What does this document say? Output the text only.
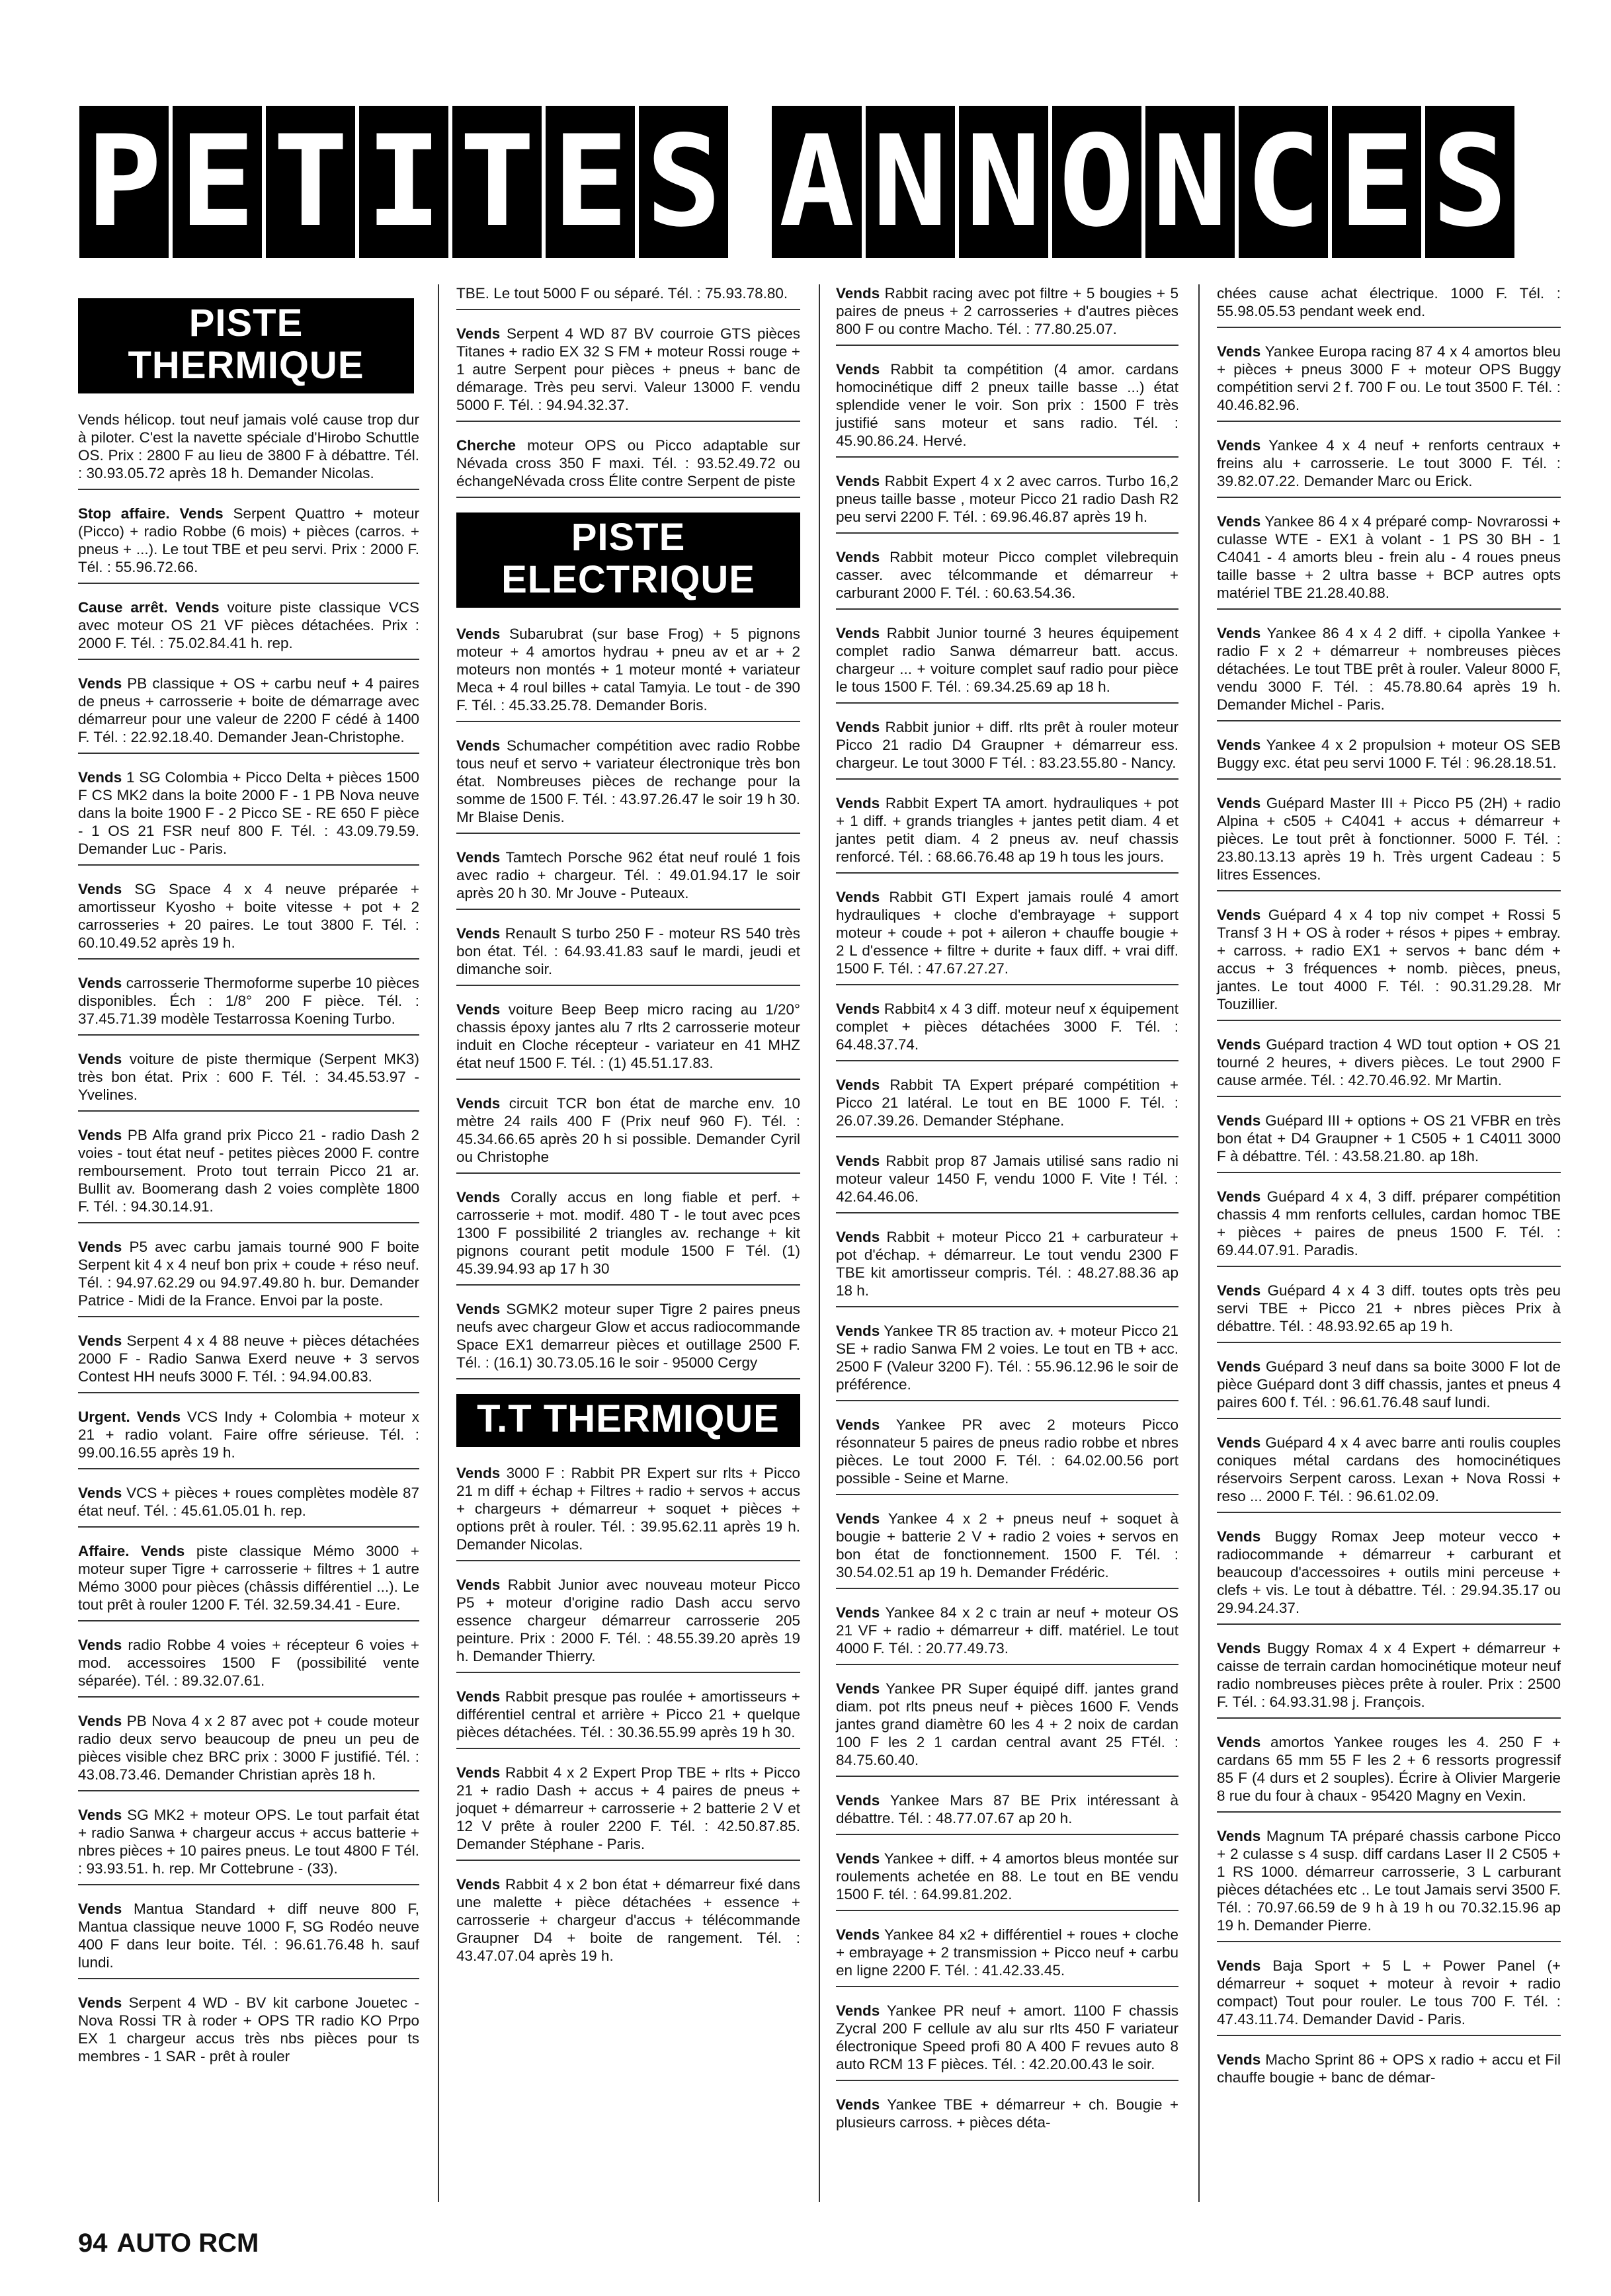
P E T I T E S A N N O N C E S
PISTE THERMIQUE
Vends hélicop. tout neuf jamais volé cause trop dur à piloter. C'est la navette spéciale d'Hirobo Schuttle OS. Prix : 2800 F au lieu de 3800 F à débattre. Tél. : 30.93.05.72 après 18 h. Demander Nicolas.
Stop affaire. Vends Serpent Quattro + moteur (Picco) + radio Robbe (6 mois) + pièces (carros. + pneus + ...). Le tout TBE et peu servi. Prix : 2000 F. Tél. : 55.96.72.66.
Cause arrêt. Vends voiture piste classique VCS avec moteur OS 21 VF pièces détachées. Prix : 2000 F. Tél. : 75.02.84.41 h. rep.
Vends PB classique + OS + carbu neuf + 4 paires de pneus + carrosserie + boite de démarrage avec démarreur pour une valeur de 2200 F cédé à 1400 F. Tél. : 22.92.18.40. Demander Jean-Christophe.
Vends 1 SG Colombia + Picco Delta + pièces 1500 F CS MK2 dans la boite 2000 F - 1 PB Nova neuve dans la boite 1900 F - 2 Picco SE - RE 650 F pièce - 1 OS 21 FSR neuf 800 F. Tél. : 43.09.79.59. Demander Luc - Paris.
Vends SG Space 4 x 4 neuve préparée + amortisseur Kyosho + boite vitesse + pot + 2 carrosseries + 20 paires. Le tout 3800 F. Tél. : 60.10.49.52 après 19 h.
Vends carrosserie Thermoforme superbe 10 pièces disponibles. Éch : 1/8° 200 F pièce. Tél. : 37.45.71.39 modèle Testarrossa Koening Turbo.
Vends voiture de piste thermique (Serpent MK3) très bon état. Prix : 600 F. Tél. : 34.45.53.97 - Yvelines.
Vends PB Alfa grand prix Picco 21 - radio Dash 2 voies - tout état neuf - petites pièces 2000 F. contre remboursement. Proto tout terrain Picco 21 ar. Bullit av. Boomerang dash 2 voies complète 1800 F. Tél. : 94.30.14.91.
Vends P5 avec carbu jamais tourné 900 F boite Serpent kit 4 x 4 neuf bon prix + coude + réso neuf. Tél. : 94.97.62.29 ou 94.97.49.80 h. bur. Demander Patrice - Midi de la France. Envoi par la poste.
Vends Serpent 4 x 4 88 neuve + pièces détachées 2000 F - Radio Sanwa Exerd neuve + 3 servos Contest HH neufs 3000 F. Tél. : 94.94.00.83.
Urgent. Vends VCS Indy + Colombia + moteur x 21 + radio volant. Faire offre sérieuse. Tél. : 99.00.16.55 après 19 h.
Vends VCS + pièces + roues complètes modèle 87 état neuf. Tél. : 45.61.05.01 h. rep.
Affaire. Vends piste classique Mémo 3000 + moteur super Tigre + carrosserie + filtres + 1 autre Mémo 3000 pour pièces (châssis différentiel ...). Le tout prêt à rouler 1200 F. Tél. 32.59.34.41 - Eure.
Vends radio Robbe 4 voies + récepteur 6 voies + mod. accessoires 1500 F (possibilité vente séparée). Tél. : 89.32.07.61.
Vends PB Nova 4 x 2 87 avec pot + coude moteur radio deux servo beaucoup de pneu un peu de pièces visible chez BRC prix : 3000 F justifié. Tél. : 43.08.73.46. Demander Christian après 18 h.
Vends SG MK2 + moteur OPS. Le tout parfait état + radio Sanwa + chargeur accus + accus batterie + nbres pièces + 10 paires pneus. Le tout 4800 F Tél. : 93.93.51. h. rep. Mr Cottebrune - (33).
Vends Mantua Standard + diff neuve 800 F, Mantua classique neuve 1000 F, SG Rodéo neuve 400 F dans leur boite. Tél. : 96.61.76.48 h. sauf lundi.
Vends Serpent 4 WD - BV kit carbone Jouetec - Nova Rossi TR à roder + OPS TR radio KO Prpo EX 1 chargeur accus très nbs pièces pour ts membres - 1 SAR - prêt à rouler
TBE. Le tout 5000 F ou séparé. Tél. : 75.93.78.80.
Vends Serpent 4 WD 87 BV courroie GTS pièces Titanes + radio EX 32 S FM + moteur Rossi rouge + 1 autre Serpent pour pièces + pneus + banc de démarage. Très peu servi. Valeur 13000 F. vendu 5000 F. Tél. : 94.94.32.37.
Cherche moteur OPS ou Picco adaptable sur Névada cross 350 F maxi. Tél. : 93.52.49.72 ou échangeNévada cross Élite contre Serpent de piste
PISTE ELECTRIQUE
Vends Subarubrat (sur base Frog) + 5 pignons moteur + 4 amortos hydrau + pneu av et ar + 2 moteurs non montés + 1 moteur monté + variateur Meca + 4 roul billes + catal Tamyia. Le tout - de 390 F. Tél. : 45.33.25.78. Demander Boris.
Vends Schumacher compétition avec radio Robbe tous neuf et servo + variateur électronique très bon état. Nombreuses pièces de rechange pour la somme de 1500 F. Tél. : 43.97.26.47 le soir 19 h 30. Mr Blaise Denis.
Vends Tamtech Porsche 962 état neuf roulé 1 fois avec radio + chargeur. Tél. : 49.01.94.17 le soir après 20 h 30. Mr Jouve - Puteaux.
Vends Renault S turbo 250 F - moteur RS 540 très bon état. Tél. : 64.93.41.83 sauf le mardi, jeudi et dimanche soir.
Vends voiture Beep Beep micro racing au 1/20° chassis époxy jantes alu 7 rlts 2 carrosserie moteur induit en Cloche récepteur - variateur en 41 MHZ état neuf 1500 F. Tél. : (1) 45.51.17.83.
Vends circuit TCR bon état de marche env. 10 mètre 24 rails 400 F (Prix neuf 960 F). Tél. : 45.34.66.65 après 20 h si possible. Demander Cyril ou Christophe
Vends Corally accus en long fiable et perf. + carrosserie + mot. modif. 480 T - le tout avec pces 1300 F possibilité 2 triangles av. rechange + kit pignons courant petit module 1500 F Tél. (1) 45.39.94.93 ap 17 h 30
Vends SGMK2 moteur super Tigre 2 paires pneus neufs avec chargeur Glow et accus radiocommande Space EX1 demarreur pièces et outillage 2500 F. Tél. : (16.1) 30.73.05.16 le soir - 95000 Cergy
T.T THERMIQUE
Vends 3000 F : Rabbit PR Expert sur rlts + Picco 21 m diff + échap + Filtres + radio + servos + accus + chargeurs + démarreur + soquet + pièces + options prêt à rouler. Tél. : 39.95.62.11 après 19 h. Demander Nicolas.
Vends Rabbit Junior avec nouveau moteur Picco P5 + moteur d'origine radio Dash accu servo essence chargeur démarreur carrosserie 205 peinture. Prix : 2000 F. Tél. : 48.55.39.20 après 19 h. Demander Thierry.
Vends Rabbit presque pas roulée + amortisseurs + différentiel central et arrière + Picco 21 + quelque pièces détachées. Tél. : 30.36.55.99 après 19 h 30.
Vends Rabbit 4 x 2 Expert Prop TBE + rlts + Picco 21 + radio Dash + accus + 4 paires de pneus + joquet + démarreur + carrosserie + 2 batterie 2 V et 12 V prête à rouler 2200 F. Tél. : 42.50.87.85. Demander Stéphane - Paris.
Vends Rabbit 4 x 2 bon état + démarreur fixé dans une malette + pièce détachées + essence + carrosserie + chargeur d'accus + télécommande Graupner D4 + boite de rangement. Tél. : 43.47.07.04 après 19 h.
Vends Rabbit racing avec pot filtre + 5 bougies + 5 paires de pneus + 2 carrosseries + d'autres pièces 800 F ou contre Macho. Tél. : 77.80.25.07.
Vends Rabbit ta compétition (4 amor. cardans homocinétique diff 2 pneux taille basse ...) état splendide vener le voir. Son prix : 1500 F très justifié sans moteur et sans radio. Tél. : 45.90.86.24. Hervé.
Vends Rabbit Expert 4 x 2 avec carros. Turbo 16,2 pneus taille basse , moteur Picco 21 radio Dash R2 peu servi 2200 F. Tél. : 69.96.46.87 après 19 h.
Vends Rabbit moteur Picco complet vilebrequin casser. avec télcommande et démarreur + carburant 2000 F. Tél. : 60.63.54.36.
Vends Rabbit Junior tourné 3 heures équipement complet radio Sanwa démarreur batt. accus. chargeur ... + voiture complet sauf radio pour pièce le tous 1500 F. Tél. : 69.34.25.69 ap 18 h.
Vends Rabbit junior + diff. rlts prêt à rouler moteur Picco 21 radio D4 Graupner + démarreur ess. chargeur. Le tout 3000 F Tél. : 83.23.55.80 - Nancy.
Vends Rabbit Expert TA amort. hydrauliques + pot + 1 diff. + grands triangles + jantes petit diam. 4 et jantes petit diam. 4 2 pneus av. neuf chassis renforcé. Tél. : 68.66.76.48 ap 19 h tous les jours.
Vends Rabbit GTI Expert jamais roulé 4 amort hydrauliques + cloche d'embrayage + support moteur + coude + pot + aileron + chauffe bougie + 2 L d'essence + filtre + durite + faux diff. + vrai diff. 1500 F. Tél. : 47.67.27.27.
Vends Rabbit4 x 4 3 diff. moteur neuf x équipement complet + pièces détachées 3000 F. Tél. : 64.48.37.74.
Vends Rabbit TA Expert préparé compétition + Picco 21 latéral. Le tout en BE 1000 F. Tél. : 26.07.39.26. Demander Stéphane.
Vends Rabbit prop 87 Jamais utilisé sans radio ni moteur valeur 1450 F, vendu 1000 F. Vite ! Tél. : 42.64.46.06.
Vends Rabbit + moteur Picco 21 + carburateur + pot d'échap. + démarreur. Le tout vendu 2300 F TBE kit amortisseur compris. Tél. : 48.27.88.36 ap 18 h.
Vends Yankee TR 85 traction av. + moteur Picco 21 SE + radio Sanwa FM 2 voies. Le tout en TB + acc. 2500 F (Valeur 3200 F). Tél. : 55.96.12.96 le soir de préférence.
Vends Yankee PR avec 2 moteurs Picco résonnateur 5 paires de pneus radio robbe et nbres pièces. Le tout 2000 F. Tél. : 64.02.00.56 port possible - Seine et Marne.
Vends Yankee 4 x 2 + pneus neuf + soquet à bougie + batterie 2 V + radio 2 voies + servos en bon état de fonctionnement. 1500 F. Tél. : 30.54.02.51 ap 19 h. Demander Frédéric.
Vends Yankee 84 x 2 c train ar neuf + moteur OS 21 VF + radio + démarreur + diff. matériel. Le tout 4000 F. Tél. : 20.77.49.73.
Vends Yankee PR Super équipé diff. jantes grand diam. pot rlts pneus neuf + pièces 1600 F. Vends jantes grand diamètre 60 les 4 + 2 noix de cardan 100 F les 2 1 cardan central avant 25 FTél. : 84.75.60.40.
Vends Yankee Mars 87 BE Prix intéressant à débattre. Tél. : 48.77.07.67 ap 20 h.
Vends Yankee + diff. + 4 amortos bleus montée sur roulements achetée en 88. Le tout en BE vendu 1500 F. tél. : 64.99.81.202.
Vends Yankee 84 x2 + différentiel + roues + cloche + embrayage + 2 transmission + Picco neuf + carbu en ligne 2200 F. Tél. : 41.42.33.45.
Vends Yankee PR neuf + amort. 1100 F chassis Zycral 200 F cellule av alu sur rlts 450 F variateur électronique Speed profi 80 A 400 F revues auto 8 auto RCM 13 F pièces. Tél. : 42.20.00.43 le soir.
Vends Yankee TBE + démarreur + ch. Bougie + plusieurs carross. + pièces déta-
chées cause achat électrique. 1000 F. Tél. : 55.98.05.53 pendant week end.
Vends Yankee Europa racing 87 4 x 4 amortos bleu + pièces + pneus 3000 F + moteur OPS Buggy compétition servi 2 f. 700 F ou. Le tout 3500 F. Tél. : 40.46.82.96.
Vends Yankee 4 x 4 neuf + renforts centraux + freins alu + carrosserie. Le tout 3000 F. Tél. : 39.82.07.22. Demander Marc ou Erick.
Vends Yankee 86 4 x 4 préparé comp- Novrarossi + culasse WTE - EX1 à volant - 1 PS 30 BH - 1 C4041 - 4 amorts bleu - frein alu - 4 roues pneus taille basse + 2 ultra basse + BCP autres opts matériel TBE 21.28.40.88.
Vends Yankee 86 4 x 4 2 diff. + cipolla Yankee + radio F x 2 + démarreur + nombreuses pièces détachées. Le tout TBE prêt à rouler. Valeur 8000 F, vendu 3000 F. Tél. : 45.78.80.64 après 19 h. Demander Michel - Paris.
Vends Yankee 4 x 2 propulsion + moteur OS SEB Buggy exc. état peu servi 1000 F. Tél : 96.28.18.51.
Vends Guépard Master III + Picco P5 (2H) + radio Alpina + c505 + C4041 + accus + démarreur + pièces. Le tout prêt à fonctionner. 5000 F. Tél. : 23.80.13.13 après 19 h. Très urgent Cadeau : 5 litres Essences.
Vends Guépard 4 x 4 top niv compet + Rossi 5 Transf 3 H + OS à roder + résos + pipes + embray. + carross. + radio EX1 + servos + banc dém + accus + 3 fréquences + nomb. pièces, pneus, jantes. Le tout 4000 F. Tél. : 90.31.29.28. Mr Touzillier.
Vends Guépard traction 4 WD tout option + OS 21 tourné 2 heures, + divers pièces. Le tout 2900 F cause armée. Tél. : 42.70.46.92. Mr Martin.
Vends Guépard III + options + OS 21 VFBR en très bon état + D4 Graupner + 1 C505 + 1 C4011 3000 F à débattre. Tél. : 43.58.21.80. ap 18h.
Vends Guépard 4 x 4, 3 diff. préparer compétition chassis 4 mm renforts cellules, cardan homoc TBE + pièces + paires de pneus 1500 F. Tél. : 69.44.07.91. Paradis.
Vends Guépard 4 x 4 3 diff. toutes opts très peu servi TBE + Picco 21 + nbres pièces Prix à débattre. Tél. : 48.93.92.65 ap 19 h.
Vends Guépard 3 neuf dans sa boite 3000 F lot de pièce Guépard dont 3 diff chassis, jantes et pneus 4 paires 600 f. Tél. : 96.61.76.48 sauf lundi.
Vends Guépard 4 x 4 avec barre anti roulis couples coniques métal cardans des homocinétiques réservoirs Serpent caross. Lexan + Nova Rossi + reso ... 2000 F. Tél. : 96.61.02.09.
Vends Buggy Romax Jeep moteur vecco + radiocommande + démarreur + carburant et beaucoup d'accessoires + outils mini perceuse + clefs + vis. Le tout à débattre. Tél. : 29.94.35.17 ou 29.94.24.37.
Vends Buggy Romax 4 x 4 Expert + démarreur + caisse de terrain cardan homocinétique moteur neuf radio nombreuses pièces prête à rouler. Prix : 2500 F. Tél. : 64.93.31.98 j. François.
Vends amortos Yankee rouges les 4. 250 F + cardans 65 mm 55 F les 2 + 6 ressorts progressif 85 F (4 durs et 2 souples). Écrire à Olivier Margerie 8 rue du four à chaux - 95420 Magny en Vexin.
Vends Magnum TA préparé chassis carbone Picco + 2 culasse s 4 susp. diff cardans Laser II 2 C505 + 1 RS 1000. démarreur carrosserie, 3 L carburant pièces détachées etc .. Le tout Jamais servi 3500 F. Tél. : 70.97.66.59 de 9 h à 19 h ou 70.32.15.96 ap 19 h. Demander Pierre.
Vends Baja Sport + 5 L + Power Panel (+ démarreur + soquet + moteur à revoir + radio compact) Tout pour rouler. Le tous 700 F. Tél. : 47.43.11.74. Demander David - Paris.
Vends Macho Sprint 86 + OPS x radio + accu et Fil chauffe bougie + banc de démar-
94 AUTO RCM
